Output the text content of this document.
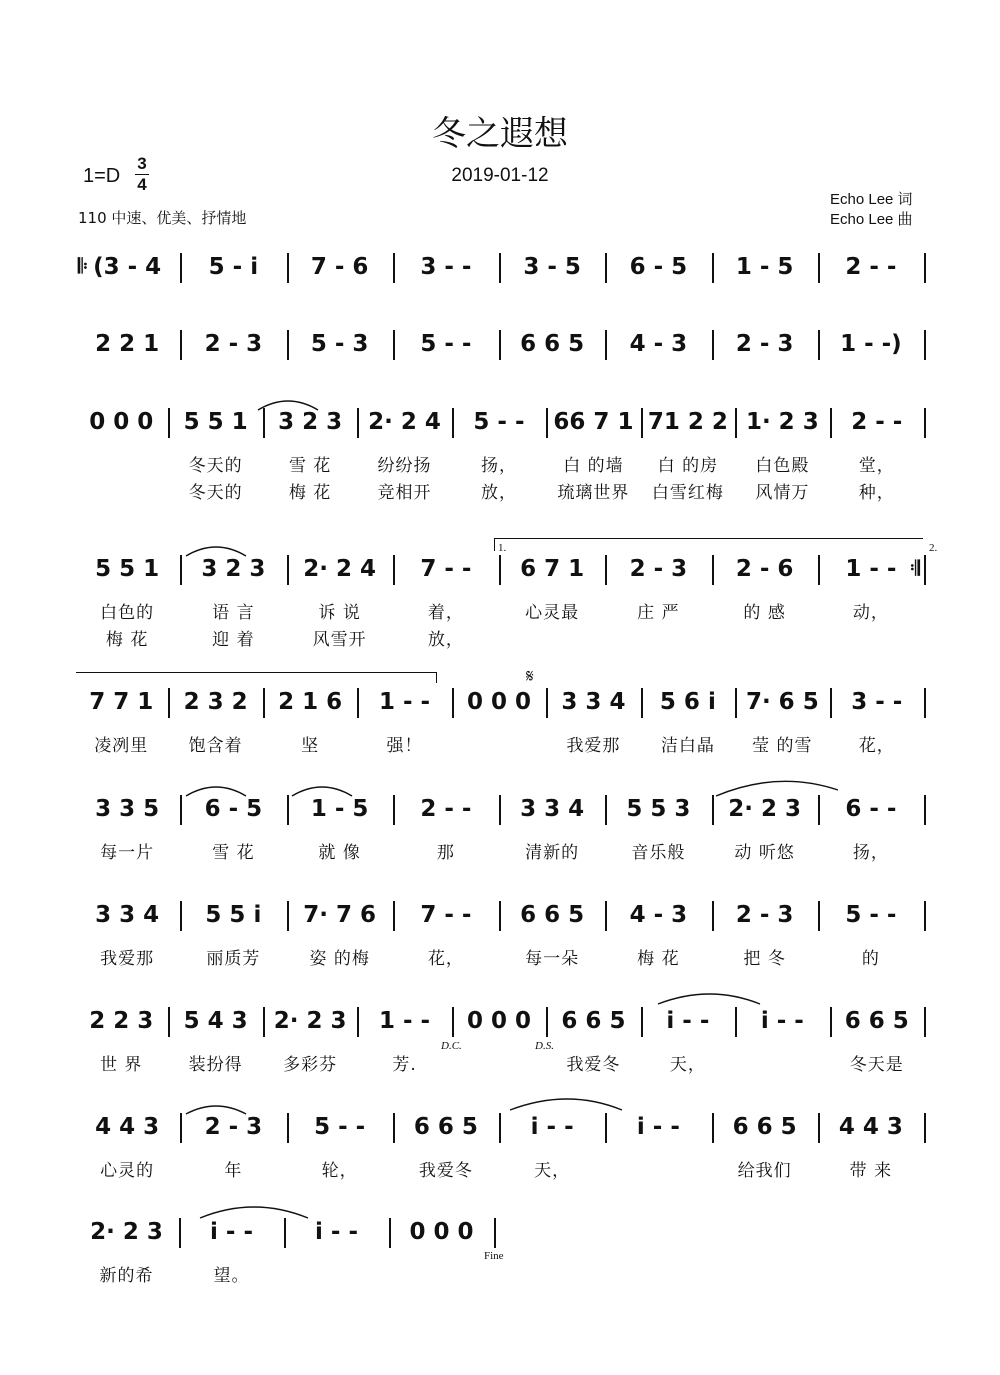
冬之遐想
2019-01-12
1=D
3
4
110 中速、优美、抒情地
Echo Lee 词
Echo Lee 曲
𝄋
D.C.	D.S.
Fine
1.	2.
𝄆
𝄇
(3 - 4	5 - i	7 - 6	3 - -	3 - 5	6 - 5	1 - 5	2 - -
2 2 1	2 - 3	5 - 3	5 - -	6 6 5	4 - 3	2 - 3	1 - -)
0 0 0	5 5 1	3 2 3	2· 2 4	5 - -	66 7 1 71 2 2 1· 2 3	2 - -
冬天的	雪 花	纷纷扬	扬，	白 的墙	白 的房	白色殿	堂，
冬天的	梅 花	竞相开	放，	琉璃世界	白雪红梅	风情万	种，
5 5 1	3 2 3	2· 2 4	7 - -	6 7 1	2 - 3	2 - 6	1 - -
白色的	语 言	诉 说	着，	心灵最	庄 严	的 感	动，
梅 花	迎 着	风雪开	放，
7 7 1	2 3 2	2 1 6	1 - -	0 0 0	3 3 4	5 6 i	7· 6 5	3 - -
凌冽里	饱含着	坚	强！	我爱那	洁白晶	莹 的雪	花，
3 3 5	6 - 5	1 - 5	2 - -	3 3 4	5 5 3	2· 2 3	6 - -
每一片	雪 花	就 像	那	清新的	音乐般	动 听悠	扬，
3 3 4	5 5 i	7· 7 6	7 - -	6 6 5	4 - 3	2 - 3	5 - -
我爱那	丽质芳	姿 的梅	花，	每一朵	梅 花	把 冬	的
2 2 3	5 4 3	2· 2 3	1 - -	0 0 0	6 6 5	i - -	i - -	6 6 5
世 界	装扮得	多彩芬	芳.	我爱冬	天，	冬天是
4 4 3	2 - 3	5 - -	6 6 5	i - -	i - -	6 6 5	4 4 3
心灵的	年	轮，	我爱冬	天，	给我们	带 来
2· 2 3	i - -	i - -	0 0 0
新的希	望。
